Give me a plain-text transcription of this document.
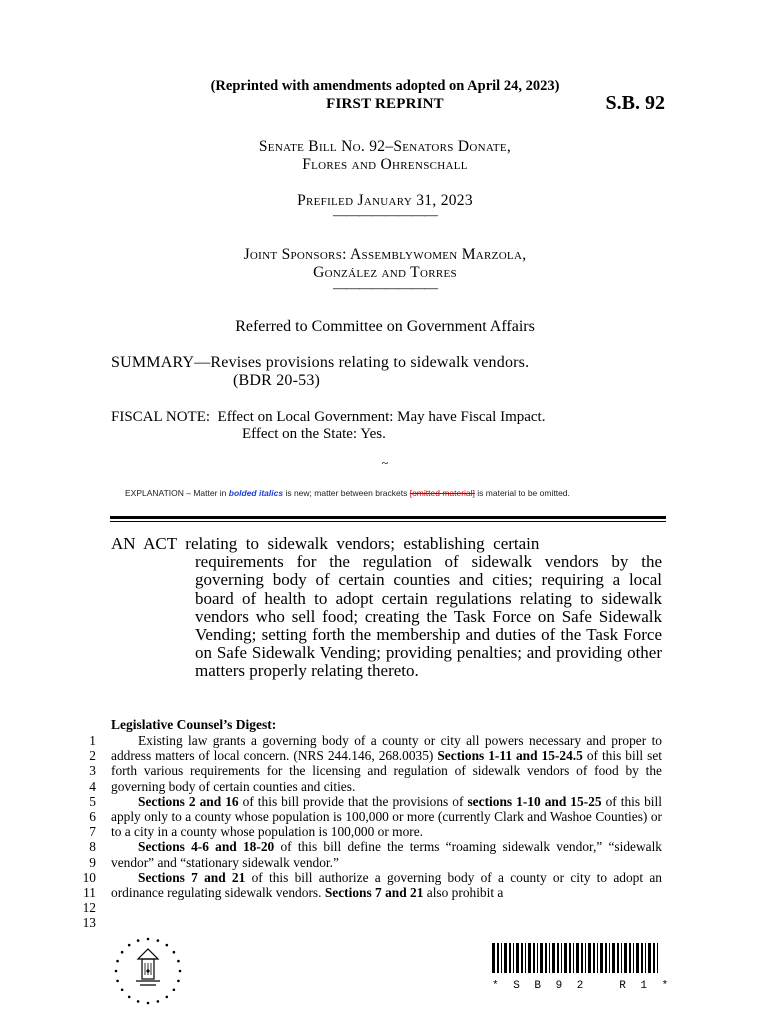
(Reprinted with amendments adopted on April 24, 2023)
FIRST REPRINT	S.B. 92
Senate Bill No. 92–Senators Donate,
Flores and Ohrenschall
Prefiled January 31, 2023
————————
Joint Sponsors: Assemblywomen Marzola,
González and Torres
————————
Referred to Committee on Government Affairs
SUMMARY—Revises provisions relating to sidewalk vendors.
(BDR 20-53)
FISCAL NOTE:  Effect on Local Government: May have Fiscal Impact.
Effect on the State: Yes.
~
EXPLANATION – Matter in bolded italics is new; matter between brackets [omitted material] is material to be omitted.
AN  ACT  relating  to  sidewalk  vendors;  establishing  certain
requirements for the regulation of sidewalk vendors by the governing body of certain counties and cities; requiring a local board of health to adopt certain regulations relating to sidewalk vendors who sell food; creating the Task Force on Safe Sidewalk Vending; setting forth the membership and duties of the Task Force on Safe Sidewalk Vending; providing penalties; and providing other matters properly relating thereto.
Legislative Counsel’s Digest:
1
2
3
4
5
6
7
8
9
10
11
12
13

Existing law grants a governing body of a county or city all powers necessary and proper to address matters of local concern. (NRS 244.146, 268.0035) Sections 1-11 and 15-24.5 of this bill set forth various requirements for the licensing and regulation of sidewalk vendors of food by the governing body of certain counties and cities.

Sections 2 and 16 of this bill provide that the provisions of sections 1-10 and 15-25 of this bill apply only to a county whose population is 100,000 or more (currently Clark and Washoe Counties) or to a city in a county whose population is 100,000 or more.

Sections 4-6 and 18-20 of this bill define the terms “roaming sidewalk vendor,” “sidewalk vendor” and “stationary sidewalk vendor.”

Sections 7 and 21 of this bill authorize a governing body of a county or city to adopt an ordinance regulating sidewalk vendors. Sections 7 and 21 also prohibit a

* S B 9 2   R 1 *
